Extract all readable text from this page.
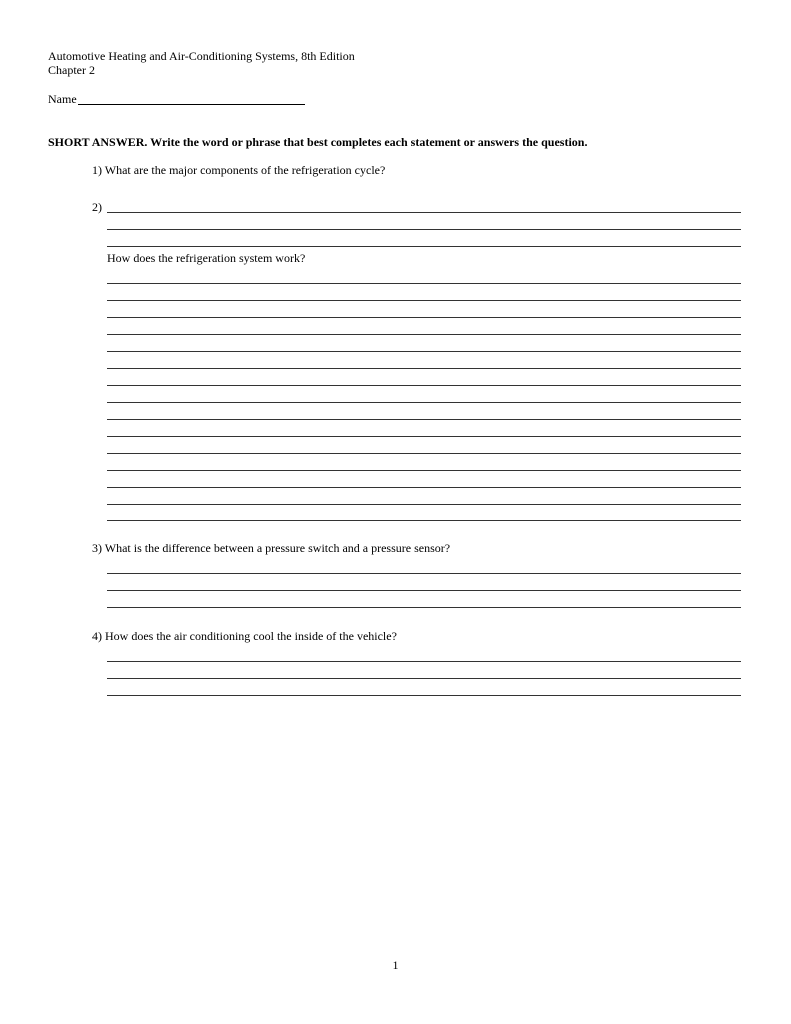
Automotive Heating and Air-Conditioning Systems, 8th Edition
Chapter 2
Name
SHORT ANSWER. Write the word or phrase that best completes each statement or answers the question.
1) What are the major components of the refrigeration cycle?
2)
How does the refrigeration system work?
3) What is the difference between a pressure switch and a pressure sensor?
4) How does the air conditioning cool the inside of the vehicle?
1
